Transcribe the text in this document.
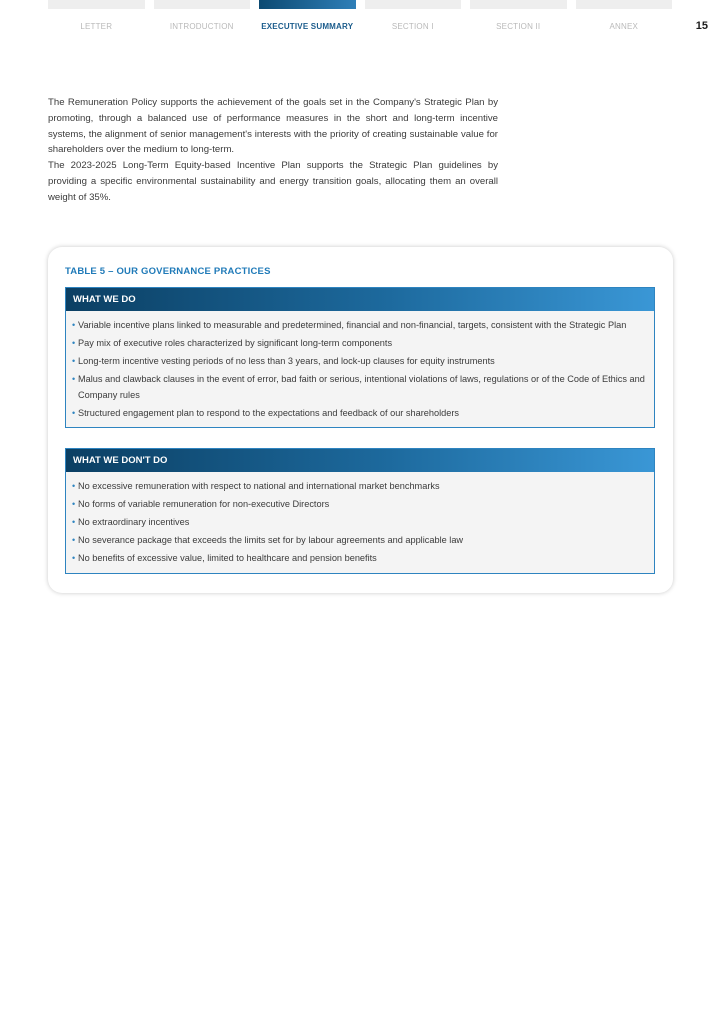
LETTER	INTRODUCTION	EXECUTIVE SUMMARY	SECTION I	SECTION II	ANNEX	15

The Remuneration Policy supports the achievement of the goals set in the Company's Strategic Plan by promoting, through a balanced use of performance measures in the short and long-term incentive systems, the alignment of senior management's interests with the priority of creating sustainable value for shareholders over the medium to long-term.

The 2023-2025 Long-Term Equity-based Incentive Plan supports the Strategic Plan guidelines by providing a specific environmental sustainability and energy transition goals, allocating them an overall weight of 35%.

TABLE 5 – OUR GOVERNANCE PRACTICES
WHAT WE DO
• Variable incentive plans linked to measurable and predetermined, financial and non-financial, targets, consistent with the Strategic Plan
• Pay mix of executive roles characterized by significant long-term components
• Long-term incentive vesting periods of no less than 3 years, and lock-up clauses for equity instruments
• Malus and clawback clauses in the event of error, bad faith or serious, intentional violations of laws, regulations or of the Code of Ethics and Company rules
• Structured engagement plan to respond to the expectations and feedback of our shareholders
WHAT WE DON'T DO
• No excessive remuneration with respect to national and international market benchmarks
• No forms of variable remuneration for non-executive Directors
• No extraordinary incentives
• No severance package that exceeds the limits set for by labour agreements and applicable law
• No benefits of excessive value, limited to healthcare and pension benefits
